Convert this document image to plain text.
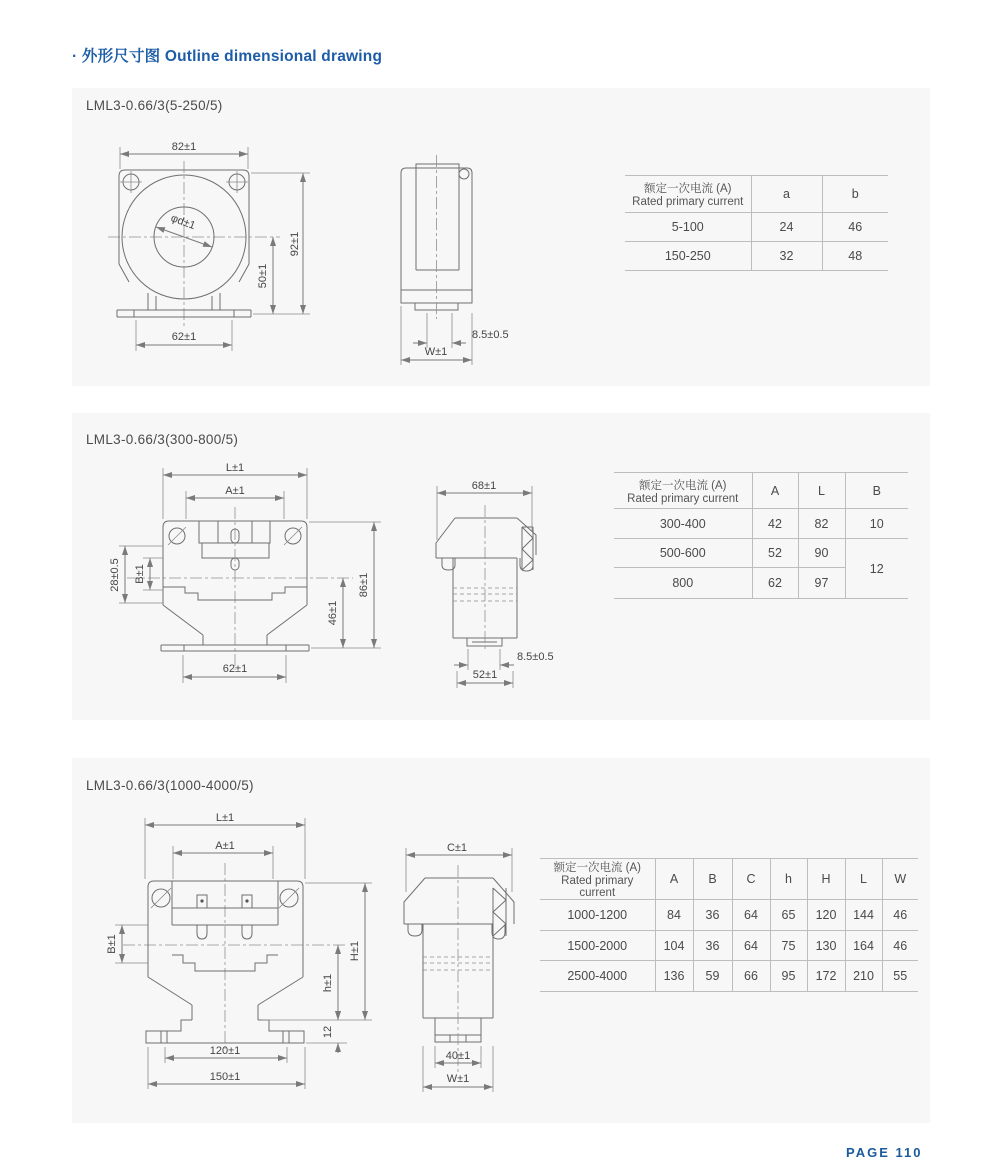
· 外形尺寸图 Outline dimensional drawing
LML3-0.66/3(5-250/5)
82±1
φd±1
92±1
50±1
62±1	8.5±0.5
W±1
额定一次电流 (A)
Rated primary current	a	b
5-100	24	46
150-250	32	48
LML3-0.66/3(300-800/5)
L±1
A±1
28±0.5 B±1	86±1
46±1
62±1
68±1
8.5±0.5
52±1
额定一次电流 (A)
Rated primary current	A	L	B
300-400	42	82	10
500-600	52	90	12
800	62	97	
LML3-0.66/3(1000-4000/5)
L±1
A±1
B±1	H±1
h±1
12
120±1
150±1
C±1
40±1
W±1
额定一次电流 (A)
Rated primary current	A	B	C	h	H	L	W
1000-1200	84	36	64	65	120	144	46
1500-2000	104	36	64	75	130	164	46
2500-4000	136	59	66	95	172	210	55
PAGE 110
